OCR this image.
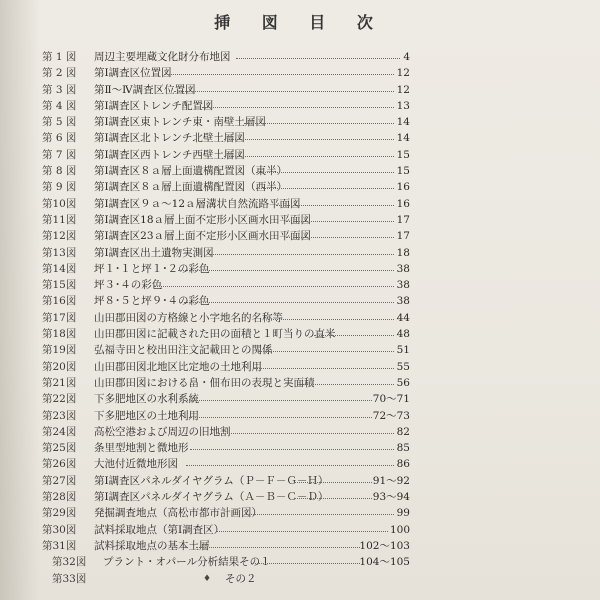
挿 図 目 次
第 1 図	周辺主要埋蔵文化財分布地図	4
第 2 図	第Ⅰ調査区位置図	12
第 3 図	第Ⅱ～Ⅳ調査区位置図	12
第 4 図	第Ⅰ調査区トレンチ配置図	13
第 5 図	第Ⅰ調査区東トレンチ東・南壁土層図	14
第 6 図	第Ⅰ調査区北トレンチ北壁土層図	14
第 7 図	第Ⅰ調査区西トレンチ西壁土層図	15
第 8 図	第Ⅰ調査区８ａ層上面遺構配置図（東半）	15
第 9 図	第Ⅰ調査区８ａ層上面遺構配置図（西半）	16
第10図	第Ⅰ調査区９ａ～12ａ層溝状自然流路平面図	16
第11図	第Ⅰ調査区18ａ層上面不定形小区画水田平面図	17
第12図	第Ⅰ調査区23ａ層上面不定形小区画水田平面図	17
第13図	第Ⅰ調査区出土遺物実測図	18
第14図	坪１･１と坪１･２の彩色	38
第15図	坪３･４の彩色	38
第16図	坪８･５と坪９･４の彩色	38
第17図	山田郡田図の方格線と小字地名的名称等	44
第18図	山田郡田図に記載された田の面積と１町当りの直米	48
第19図	弘福寺田と校出田注文記載田との関係	51
第20図	山田郡田図北地区比定地の土地利用	55
第21図	山田郡田図における畠・佃布田の表現と実面積	56
第22図	下多肥地区の水利系統	70～71
第23図	下多肥地区の土地利用	72～73
第24図	高松空港および周辺の旧地割	82
第25図	条里型地割と微地形	85
第26図	大池付近微地形図	86
第27図	第Ⅰ調査区パネルダイヤグラム（Ｐ－Ｆ－Ｇ－Ｈ）	91～92
第28図	第Ⅰ調査区パネルダイヤグラム（Ａ－Ｂ－Ｃ－Ｄ）	93～94
第29図	発掘調査地点（高松市都市計画図）	99
第30図	試料採取地点（第Ⅰ調査区）	100
第31図	試料採取地点の基本土層	102～103
第32図	プラント・オパール分析結果その１	104～105
第33図	その２
♦
